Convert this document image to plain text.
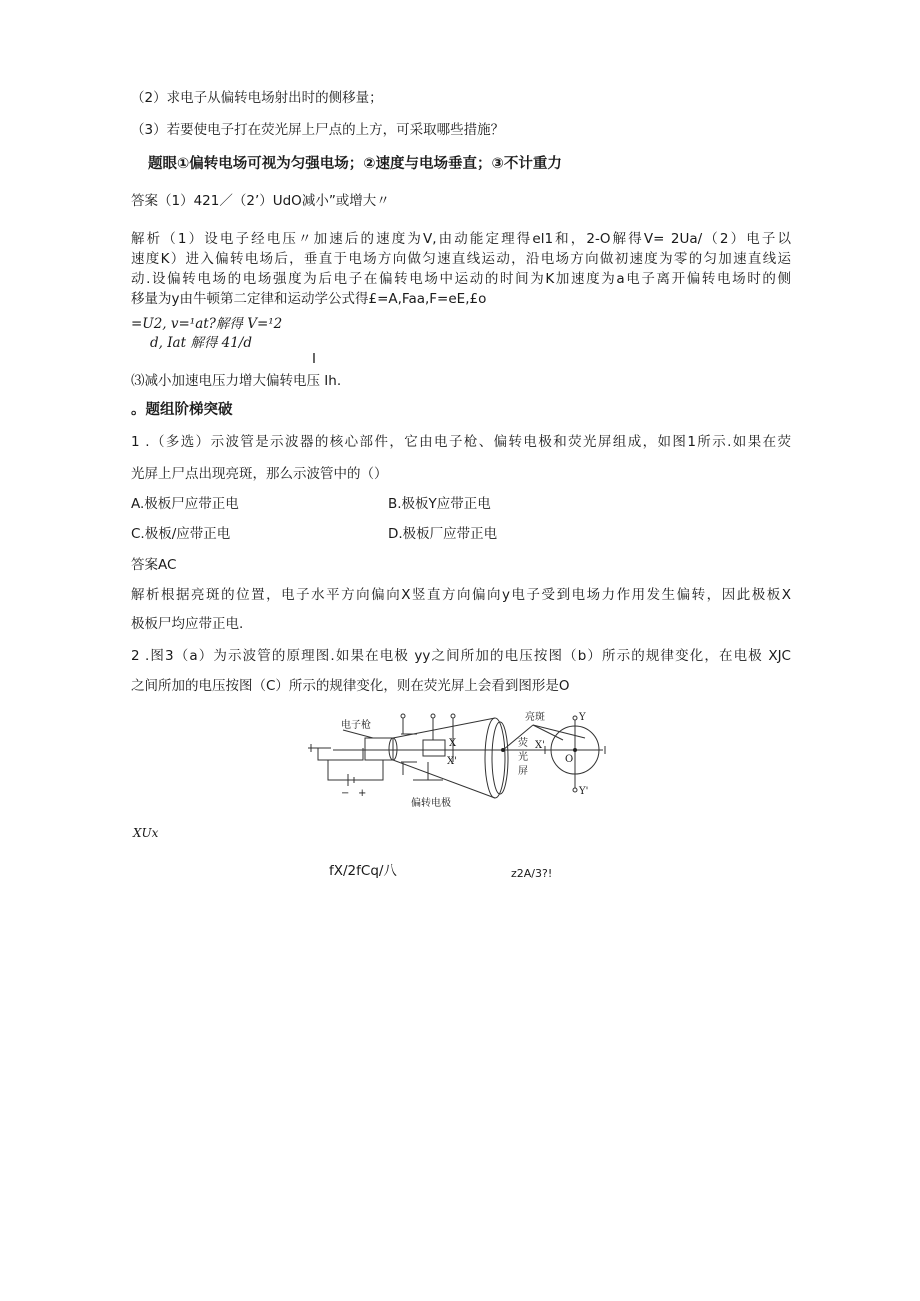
（2）求电子从偏转电场射出时的侧移量；
（3）若要使电子打在荧光屏上尸点的上方，可采取哪些措施？
题眼①偏转电场可视为匀强电场；②速度与电场垂直；③不计重力
答案（1）421／（2’）UdO减小”或增大〃
解析（1）设电子经电压〃加速后的速度为V,由动能定理得el1和，2-O解得V= 2Ua/（2）电子以
速度K）进入偏转电场后，垂直于电场方向做匀速直线运动，沿电场方向做初速度为零的匀加速直线运
动.设偏转电场的电场强度为后电子在偏转电场中运动的时间为K加速度为a电子离开偏转电场时的侧
移量为y由牛顿第二定律和运动学公式得£=A,Faa,F=eE,£o
=U2, v=¹at?解得 V=¹2
d, Iat 解得 41/d
I
⑶减小加速电压力增大偏转电压 Ih.
。题组阶梯突破
1 .（多选）示波管是示波器的核心部件，它由电子枪、偏转电极和荧光屏组成，如图1所示.如果在荧
光屏上尸点出现亮斑，那么示波管中的（）
A.极板尸应带正电	B.极板Y应带正电
C.极板/应带正电	D.极板厂应带正电
答案AC
解析根据亮斑的位置，电子水平方向偏向X竖直方向偏向y电子受到电场力作用发生偏转，因此极板X
极板尸均应带正电.
2 .图3（a）为示波管的原理图.如果在电极 yy之间所加的电压按图（b）所示的规律变化，在电极 XJC
之间所加的电压按图（C）所示的规律变化，则在荧光屏上会看到图形是O
电子枪
偏转电极
亮斑
荧
光
屏
X
X'
X'
Y
Y'
O
− +
XUx
fX/2fCq/八	z2A/3?!
